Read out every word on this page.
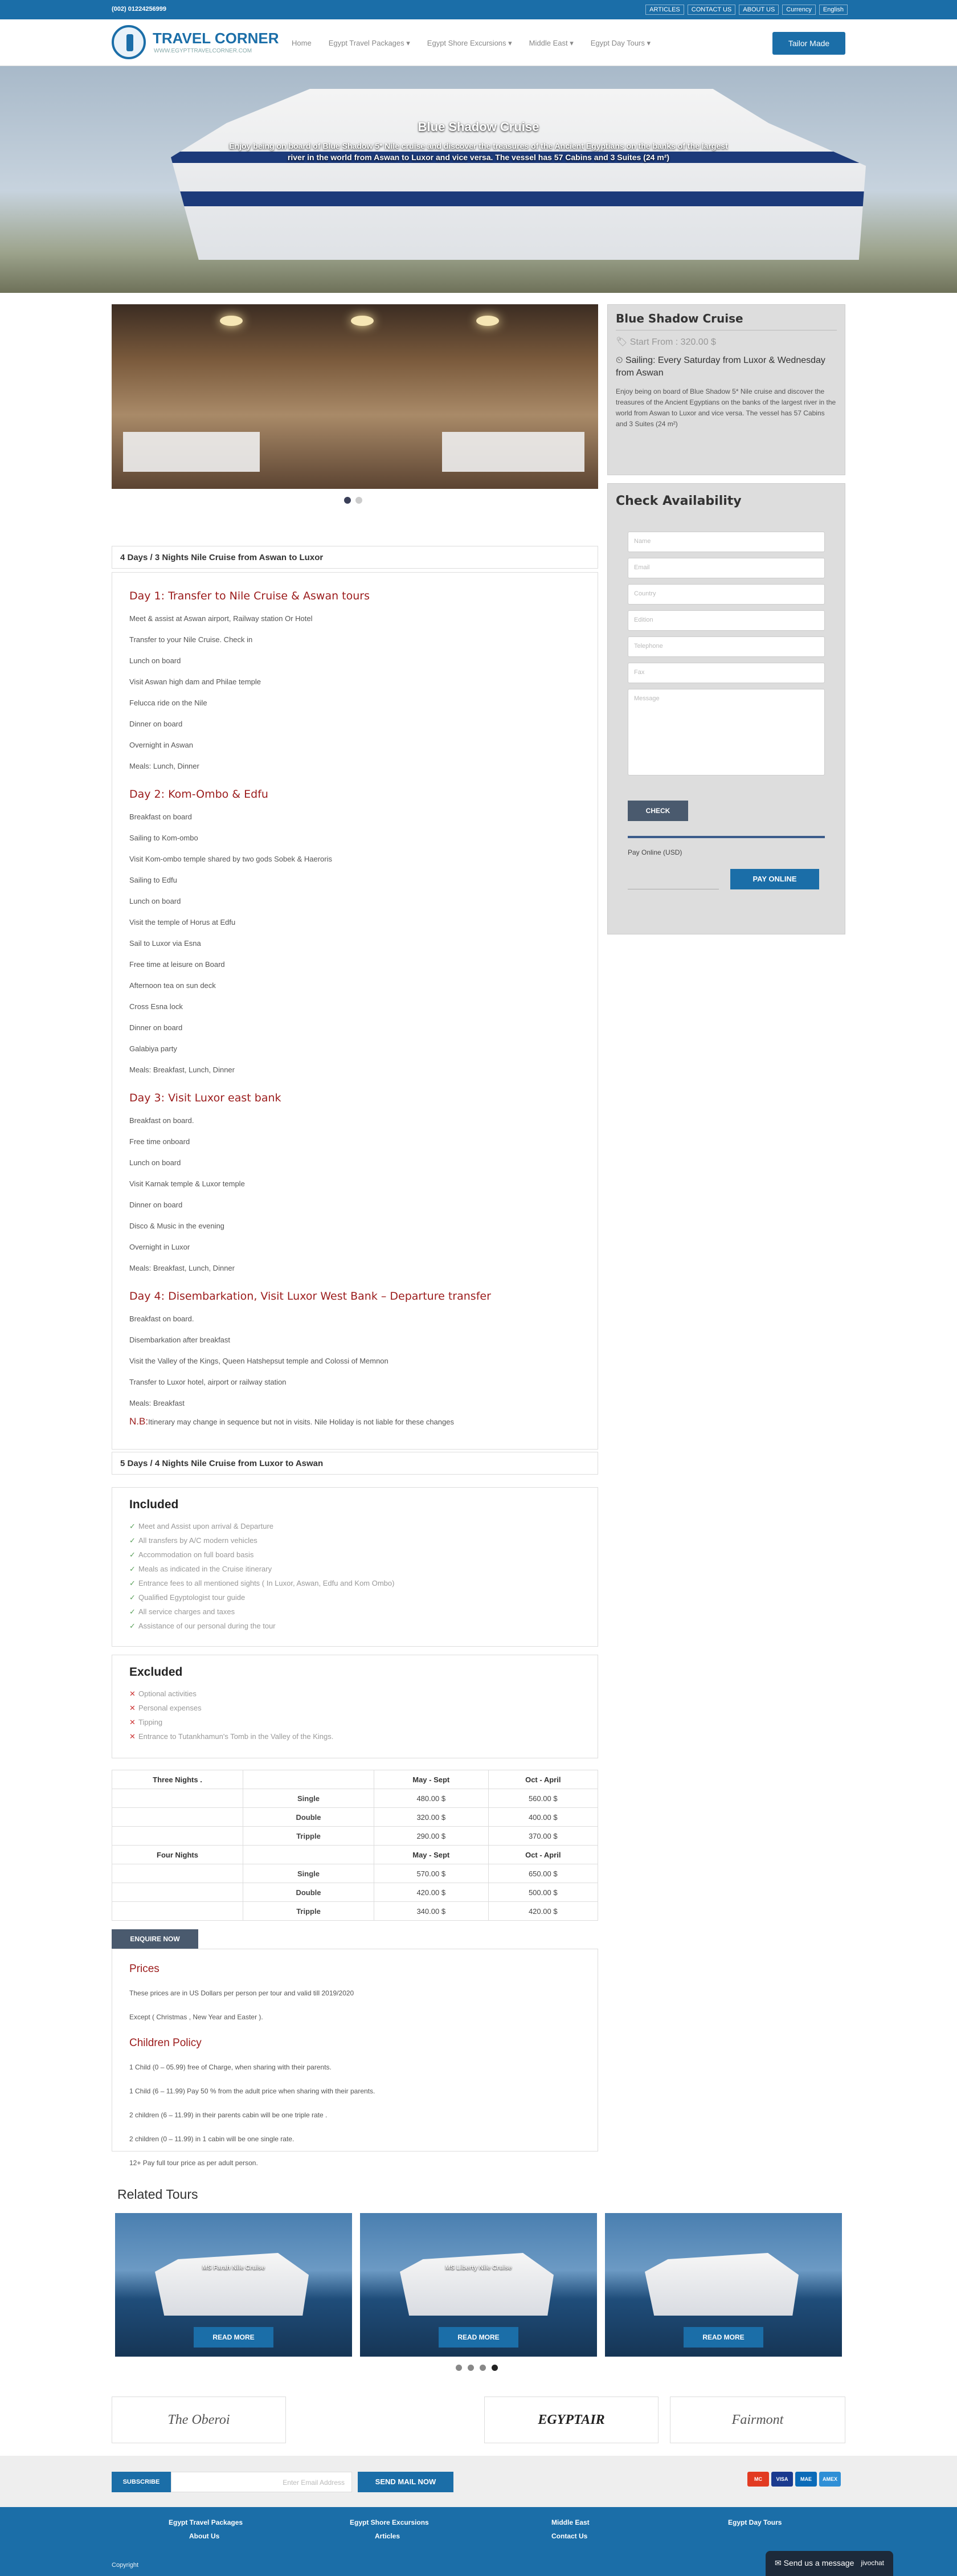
(002) 01224256999	ARTICLES	CONTACT US	ABOUT US	Currency	English
TRAVEL CORNER
WWW.EGYPTTRAVELCORNER.COM
Home Egypt Travel Packages ▾ Egypt Shore Excursions ▾ Middle East ▾ Egypt Day Tours ▾	Tailor Made
Blue Shadow Cruise
Enjoy being on board of Blue Shadow 5* Nile cruise and discover the treasures of the Ancient Egyptians on the banks of the largest river in the world from Aswan to Luxor and vice versa. The vessel has 57 Cabins and 3 Suites (24 m²)
Blue Shadow Cruise
🏷 Start From : 320.00 $
⏲ Sailing: Every Saturday from Luxor & Wednesday from Aswan

Enjoy being on board of Blue Shadow 5* Nile cruise and discover the treasures of the Ancient Egyptians on the banks of the largest river in the world from Aswan to Luxor and vice versa. The vessel has 57 Cabins and 3 Suites (24 m²)

Check Availability
Name
Email
Country
Edition
Telephone
Fax
Message
CHECK
Pay Online (USD)
PAY ONLINE
4 Days / 3 Nights Nile Cruise from Aswan to Luxor
Day 1: Transfer to Nile Cruise & Aswan tours
Meet & assist at Aswan airport, Railway station Or Hotel
Transfer to your Nile Cruise. Check in
Lunch on board
Visit Aswan high dam and Philae temple
Felucca ride on the Nile
Dinner on board
Overnight in Aswan
Meals: Lunch, Dinner
Day 2: Kom-Ombo & Edfu
Breakfast on board
Sailing to Kom-ombo
Visit Kom-ombo temple shared by two gods Sobek & Haeroris
Sailing to Edfu
Lunch on board
Visit the temple of Horus at Edfu
Sail to Luxor via Esna
Free time at leisure on Board
Afternoon tea on sun deck
Cross Esna lock
Dinner on board
Galabiya party
Meals: Breakfast, Lunch, Dinner
Day 3: Visit Luxor east bank
Breakfast on board.
Free time onboard
Lunch on board
Visit Karnak temple & Luxor temple
Dinner on board
Disco & Music in the evening
Overnight in Luxor
Meals: Breakfast, Lunch, Dinner
Day 4: Disembarkation, Visit Luxor West Bank – Departure transfer
Breakfast on board.
Disembarkation after breakfast
Visit the Valley of the Kings, Queen Hatshepsut temple and Colossi of Memnon
Transfer to Luxor hotel, airport or railway station
Meals: Breakfast
N.B:Itinerary may change in sequence but not in visits. Nile Holiday is not liable for these changes
5 Days / 4 Nights Nile Cruise from Luxor to Aswan
Included
✓ Meet and Assist upon arrival & Departure
✓ All transfers by A/C modern vehicles
✓ Accommodation on full board basis
✓ Meals as indicated in the Cruise itinerary
✓ Entrance fees to all mentioned sights ( In Luxor, Aswan, Edfu and Kom Ombo)
✓ Qualified Egyptologist tour guide
✓ All service charges and taxes
✓ Assistance of our personal during the tour
Excluded
✕ Optional activities
✕ Personal expenses
✕ Tipping
✕ Entrance to Tutankhamun's Tomb in the Valley of the Kings.
Three Nights .		May - Sept	Oct - April
	Single	480.00 $	560.00 $
	Double	320.00 $	400.00 $
	Tripple	290.00 $	370.00 $
Four Nights		May - Sept	Oct - April
	Single	570.00 $	650.00 $
	Double	420.00 $	500.00 $
	Tripple	340.00 $	420.00 $
ENQUIRE NOW
Prices

These prices are in US Dollars per person per tour and valid till 2019/2020

Except ( Christmas , New Year and Easter ).

Children Policy

1 Child (0 – 05.99) free of Charge, when sharing with their parents.

1 Child (6 – 11.99) Pay 50 % from the adult price when sharing with their parents.

2 children (6 – 11.99) in their parents cabin will be one triple rate .

2 children (0 – 11.99) in 1 cabin will be one single rate.

12+ Pay full tour price as per adult person.

Related Tours
MS Farah Nile Cruise
READ MORE
MS Liberty Nile Cruise
READ MORE	READ MORE
The Oberoi	EGYPTAIR	Fairmont
SUBSCRIBE	Enter Email Address	SEND MAIL NOW	MC	VISA	MAE	AMEX
Egypt Travel Packages	Egypt Shore Excursions	Middle East	Egypt Day Tours
About Us	Articles	Contact Us
Copyright	✉ Send us a message jivochat
